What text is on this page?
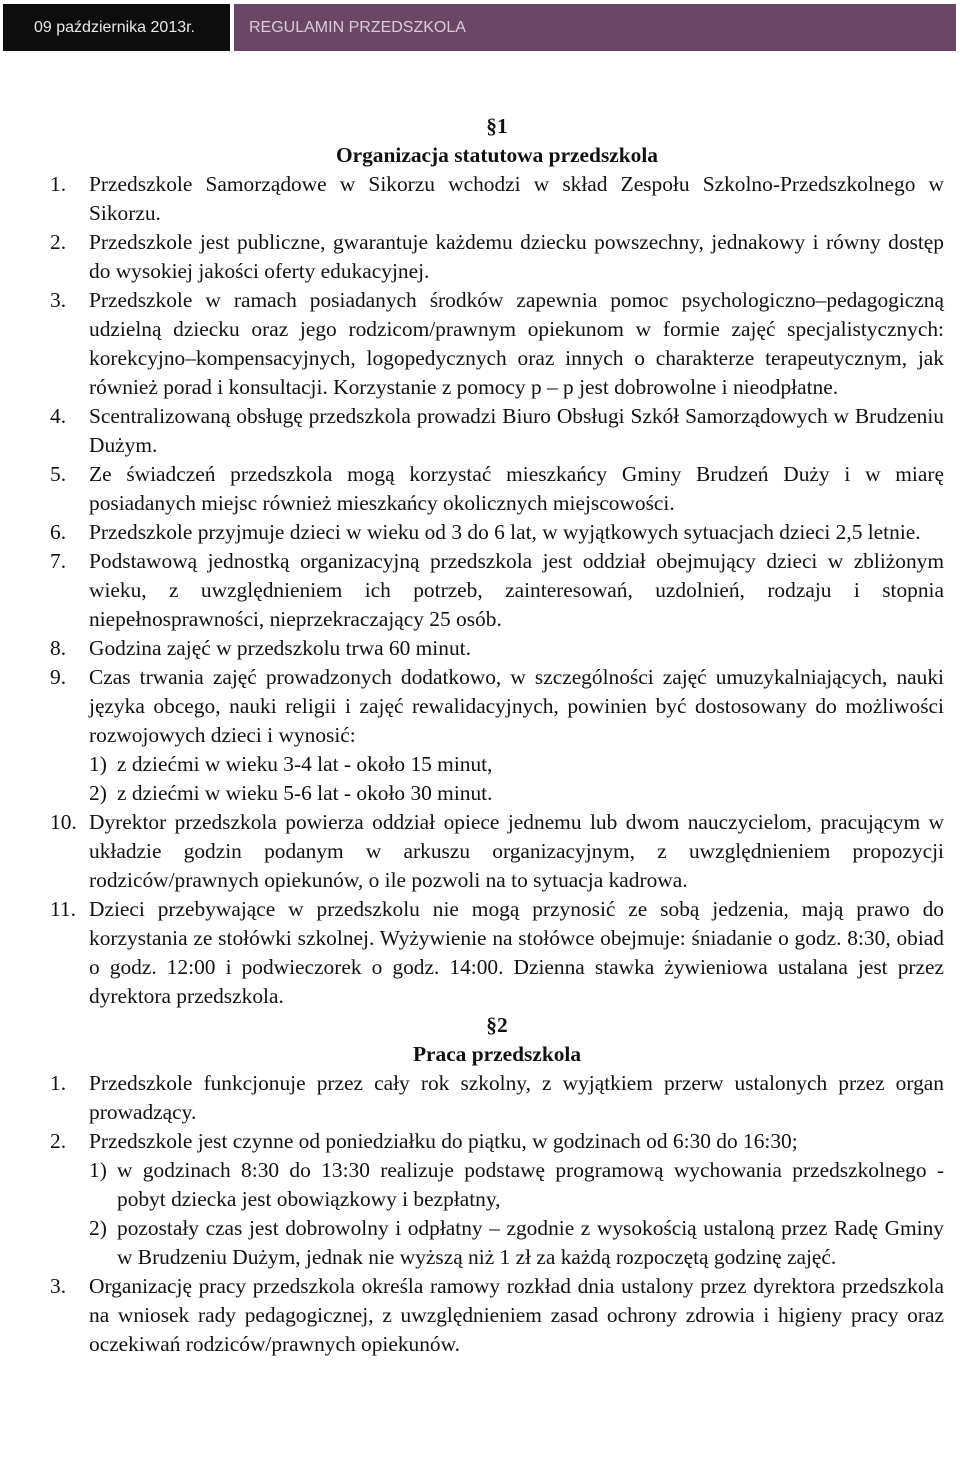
09 października 2013r.	REGULAMIN PRZEDSZKOLA
§1
Organizacja statutowa przedszkola
1. Przedszkole Samorządowe w Sikorzu wchodzi w skład Zespołu Szkolno-Przedszkolnego w Sikorzu.
2. Przedszkole jest publiczne, gwarantuje każdemu dziecku powszechny, jednakowy i równy dostęp do wysokiej jakości oferty edukacyjnej.
3. Przedszkole w ramach posiadanych środków zapewnia pomoc psychologiczno–pedagogiczną udzielną dziecku oraz jego rodzicom/prawnym opiekunom w formie zajęć specjalistycznych: korekcyjno–kompensacyjnych, logopedycznych oraz innych o charakterze terapeutycznym, jak również porad i konsultacji. Korzystanie z pomocy p – p jest dobrowolne i nieodpłatne.
4. Scentralizowaną obsługę przedszkola prowadzi Biuro Obsługi Szkół Samorządowych w Brudzeniu Dużym.
5. Ze świadczeń przedszkola mogą korzystać mieszkańcy Gminy Brudzeń Duży i w miarę posiadanych miejsc również mieszkańcy okolicznych miejscowości.
6. Przedszkole przyjmuje dzieci w wieku od 3 do 6 lat, w wyjątkowych sytuacjach dzieci 2,5 letnie.
7. Podstawową jednostką organizacyjną przedszkola jest oddział obejmujący dzieci w zbliżonym wieku, z uwzględnieniem ich potrzeb, zainteresowań, uzdolnień, rodzaju i stopnia niepełnosprawności, nieprzekraczający 25 osób.
8. Godzina zajęć w przedszkolu trwa 60 minut.
9. Czas trwania zajęć prowadzonych dodatkowo, w szczególności zajęć umuzykalniających, nauki języka obcego, nauki religii i zajęć rewalidacyjnych, powinien być dostosowany do możliwości rozwojowych dzieci i wynosić:
1) z dziećmi w wieku 3-4 lat - około 15 minut,
2) z dziećmi w wieku 5-6 lat - około 30 minut.
10. Dyrektor przedszkola powierza oddział opiece jednemu lub dwom nauczycielom, pracującym w układzie godzin podanym w arkuszu organizacyjnym, z uwzględnieniem propozycji rodziców/prawnych opiekunów, o ile pozwoli na to sytuacja kadrowa.
11. Dzieci przebywające w przedszkolu nie mogą przynosić ze sobą jedzenia, mają prawo do korzystania ze stołówki szkolnej. Wyżywienie na stołówce obejmuje: śniadanie o godz. 8:30, obiad o godz. 12:00 i podwieczorek o godz. 14:00. Dzienna stawka żywieniowa ustalana jest przez dyrektora przedszkola.
§2
Praca przedszkola
1. Przedszkole funkcjonuje przez cały rok szkolny, z wyjątkiem przerw ustalonych przez organ prowadzący.
2. Przedszkole jest czynne od poniedziałku do piątku, w godzinach od 6:30 do 16:30;
1) w godzinach 8:30 do 13:30 realizuje podstawę programową wychowania przedszkolnego - pobyt dziecka jest obowiązkowy i bezpłatny,
2) pozostały czas jest dobrowolny i odpłatny – zgodnie z wysokością ustaloną przez Radę Gminy w Brudzeniu Dużym, jednak nie wyższą niż 1 zł za każdą rozpoczętą godzinę zajęć.
3. Organizację pracy przedszkola określa ramowy rozkład dnia ustalony przez dyrektora przedszkola na wniosek rady pedagogicznej, z uwzględnieniem zasad ochrony zdrowia i higieny pracy oraz oczekiwań rodziców/prawnych opiekunów.
